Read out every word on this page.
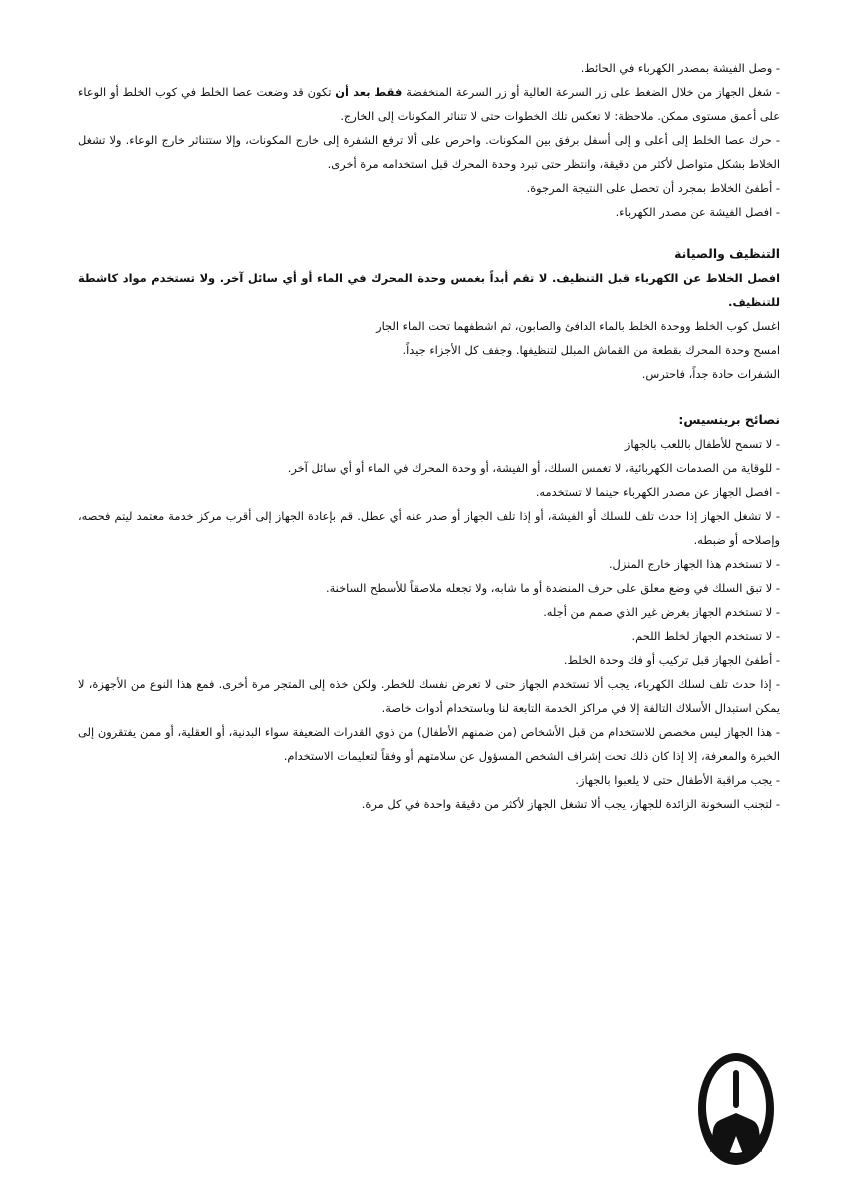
- وصل الفيشة بمصدر الكهرباء في الحائط.

- شغل الجهاز من خلال الضغط على زر السرعة العالية أو زر السرعة المنخفضة فقط بعد أن تكون قد وضعت عصا الخلط في كوب الخلط أو الوعاء على أعمق مستوى ممكن. ملاحظة: لا تعكس تلك الخطوات حتى لا تتناثر المكونات إلى الخارج.

- حرك عصا الخلط إلى أعلى و إلى أسفل برفق بين المكونات. واحرص على ألا ترفع الشفرة إلى خارج المكونات، وإلا ستتناثر خارج الوعاء. ولا تشغل الخلاط بشكل متواصل لأكثر من دقيقة، وانتظر حتى تبرد وحدة المحرك قبل استخدامه مرة أخرى.

- أطفئ الخلاط بمجرد أن تحصل على النتيجة المرجوة.

- افصل الفيشة عن مصدر الكهرباء.

التنظيف والصيانة

افصل الخلاط عن الكهرباء قبل التنظيف. لا تقم أبداً بغمس وحدة المحرك في الماء أو أي سائل آخر. ولا تستخدم مواد كاشطة للتنظيف.

اغسل كوب الخلط ووحدة الخلط بالماء الدافئ والصابون، ثم اشطفهما تحت الماء الجار

امسح وحدة المحرك بقطعة من القماش المبلل لتنظيفها. وجفف كل الأجزاء جيداً.

الشفرات حادة جداً، فاحترس.

نصائح برينسيس:

- لا تسمح للأطفال باللعب بالجهاز

- للوقاية من الصدمات الكهربائية، لا تغمس السلك، أو الفيشة، أو وحدة المحرك في الماء أو أي سائل آخر.

- افصل الجهاز عن مصدر الكهرباء حينما لا تستخدمه.

- لا تشغل الجهاز إذا حدث تلف للسلك أو الفيشة، أو إذا تلف الجهاز أو صدر عنه أي عطل. قم بإعادة الجهاز إلى أقرب مركز خدمة معتمد ليتم فحصه، وإصلاحه أو ضبطه.

- لا تستخدم هذا الجهاز خارج المنزل.

- لا تبق السلك في وضع معلق على حرف المنضدة أو ما شابه، ولا تجعله ملاصقاً للأسطح الساخنة.

- لا تستخدم الجهاز بغرض غير الذي صمم من أجله.

- لا تستخدم الجهاز لخلط اللحم.

- أطفئ الجهاز قبل تركيب أو فك وحدة الخلط.

- إذا حدث تلف لسلك الكهرباء، يجب ألا تستخدم الجهاز حتى لا تعرض نفسك للخطر. ولكن خذه إلى المتجر مرة أخرى. فمع هذا النوع من الأجهزة، لا يمكن استبدال الأسلاك التالفة إلا في مراكز الخدمة التابعة لنا وباستخدام أدوات خاصة.

- هذا الجهاز ليس مخصص للاستخدام من قبل الأشخاص (من ضمنهم الأطفال) من ذوي القدرات الضعيفة سواء البدنية، أو العقلية، أو ممن يفتقرون إلى الخبرة والمعرفة، إلا إذا كان ذلك تحت إشراف الشخص المسؤول عن سلامتهم أو وفقاً لتعليمات الاستخدام.

- يجب مراقبة الأطفال حتى لا يلعبوا بالجهاز.

- لتجنب السخونة الزائدة للجهاز، يجب ألا تشغل الجهاز لأكثر من دقيقة واحدة في كل مرة.
